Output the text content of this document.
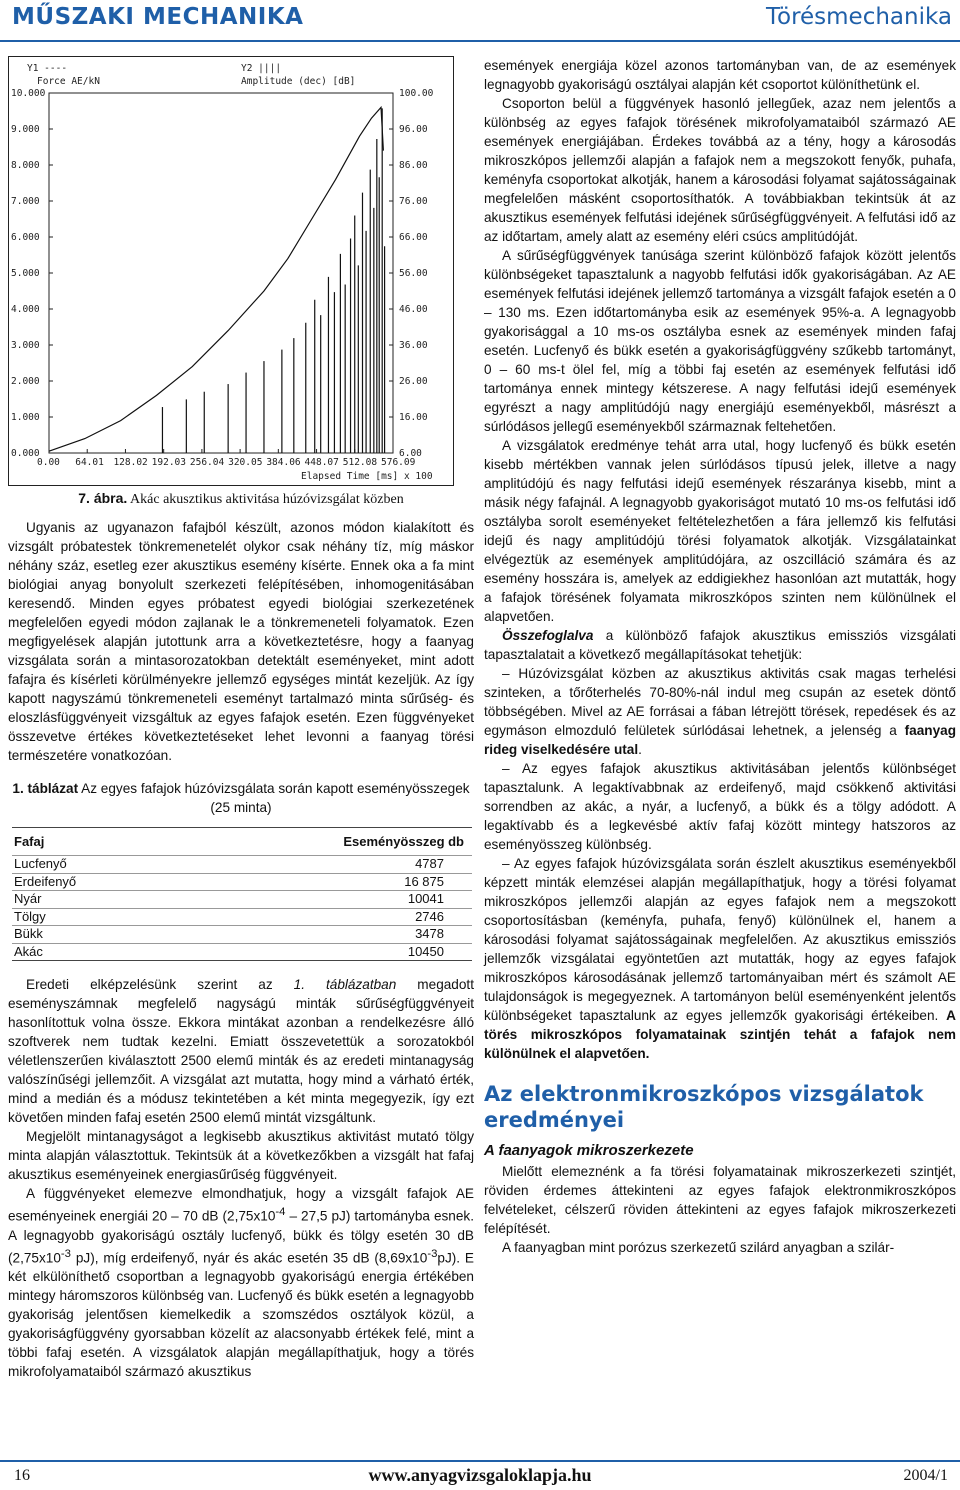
MŰSZAKI MECHANIKA	Törésmechanika
Y1 ----
Force AE/kN
Y2 ||||
Amplitude (dec) [dB]
10.000
9.000
8.000
7.000
6.000
5.000
4.000
3.000
2.000
1.000
0.000
100.00
96.00
86.00
76.00
66.00
56.00
46.00
36.00
26.00
16.00
6.00
0.00 64.01 128.02 192.03 256.04 320.05 384.06 448.07 512.08 576.09
Elapsed Time [ms] x 100
7. ábra. Akác akusztikus aktivitása húzóvizsgálat közben

Ugyanis az ugyanazon fafajból készült, azonos módon kialakított és vizsgált próbatestek tönkremenetelét olykor csak néhány tíz, míg máskor néhány száz, esetleg ezer akusztikus esemény kísérte. Ennek oka a fa mint biológiai anyag bonyolult szerkezeti felépítésében, inhomogenitásában keresendő. Minden egyes próbatest egyedi biológiai szerkezetének megfelelően egyedi módon zajlanak le a tönkremeneteli folyamatok. Ezen megfigyelések alapján jutottunk arra a következtetésre, hogy a faanyag vizsgálata során a mintasorozatokban detektált eseményeket, mint adott fafajra és kísérleti körülményekre jellemző egységes mintát kezeljük. Az így kapott nagyszámú tönkremeneteli eseményt tartalmazó minta sűrűség- és eloszlásfüggvényeit vizsgáltuk az egyes fafajok esetén. Ezen függvényeket összevetve értékes következtetéseket lehet levonni a faanyag törési természetére vonatkozóan.

1. táblázat Az egyes fafajok húzóvizsgálata során kapott eseményösszegek (25 minta)
Fafaj	Eseményösszeg db
Lucfenyő	4787
Erdeifenyő	16 875
Nyár	10041
Tölgy	2746
Bükk	3478
Akác	10450

Eredeti elképzelésünk szerint az 1. táblázatban megadott eseményszámnak megfelelő nagyságú minták sűrűségfüggvényeit hasonlítottuk volna össze. Ekkora mintákat azonban a rendelkezésre álló szoftverek nem tudtak kezelni. Emiatt összevetettük a sorozatokból véletlenszerűen kiválasztott 2500 elemű minták és az eredeti mintanagyság valószínűségi jellemzőit. A vizsgálat azt mutatta, hogy mind a várható érték, mind a medián és a módusz tekintetében a két minta megegyezik, így ezt követően minden fafaj esetén 2500 elemű mintát vizsgáltunk.

Megjelölt mintanagyságot a legkisebb akusztikus aktivitást mutató tölgy minta alapján választottuk. Tekintsük át a következőkben a vizsgált hat fafaj akusztikus eseményeinek energiasűrűség függvényeit.

A függvényeket elemezve elmondhatjuk, hogy a vizsgált fafajok AE eseményeinek energiái 20 – 70 dB ($2,75x10^{-4} - 27,5$ pJ) tartományba esnek. A legnagyobb gyakoriságú osztály lucfenyő, bükk és tölgy esetén 30 dB ($2,75x10^{-3}$ pJ), míg erdeifenyő, nyár és akác esetén 35 dB $(8,69x10^{-3}pJ)$. E két elkülöníthető csoportban a legnagyobb gyakoriságú energia értékében mintegy háromszoros különbség van. Lucfenyő és bükk esetén a legnagyobb gyakoriság jelentősen kiemelkedik a szomszédos osztályok közül, a gyakoriságfüggvény gyorsabban közelít az alacsonyabb értékek felé, mint a többi fafaj esetén. A vizsgálatok alapján megállapíthatjuk, hogy a törés mikrofolyamataiból származó akusztikus

események energiája közel azonos tartományban van, de az események legnagyobb gyakoriságú osztályai alapján két csoportot különíthetünk el.

Csoporton belül a függvények hasonló jellegűek, azaz nem jelentős a különbség az egyes fafajok törésének mikrofolyamataiból származó AE események energiájában. Érdekes továbbá az a tény, hogy a károsodás mikroszkópos jellemzői alapján a fafajok nem a megszokott fenyők, puhafa, keményfa csoportokat alkotják, hanem a károsodási folyamat sajátosságainak megfelelően másként csoportosíthatók. A továbbiakban tekintsük át az akusztikus események felfutási idejének sűrűségfüggvényeit. A felfutási idő az az időtartam, amely alatt az esemény eléri csúcs amplitúdóját.

A sűrűségfüggvények tanúsága szerint különböző fafajok között jelentős különbségeket tapasztalunk a nagyobb felfutási idők gyakoriságában. Az AE események felfutási idejének jellemző tartománya a vizsgált fafajok esetén a 0 – 130 ms. Ezen időtartományba esik az események 95%-a. A legnagyobb gyakorisággal a 10 ms-os osztályba esnek az események minden fafaj esetén. Lucfenyő és bükk esetén a gyakoriságfüggvény szűkebb tartományt, 0 – 60 ms-t ölel fel, míg a többi faj esetén az események felfutási idő tartománya ennek mintegy kétszerese. A nagy felfutási idejű események egyrészt a nagy amplitúdójú nagy energiájú eseményekből, másrészt a súrlódásos jellegű eseményekből származnak feltehetően.

A vizsgálatok eredménye tehát arra utal, hogy lucfenyő és bükk esetén kisebb mértékben vannak jelen súrlódásos típusú jelek, illetve a nagy amplitúdójú és nagy felfutási idejű események részaránya kisebb, mint a másik négy fafajnál. A legnagyobb gyakoriságot mutató 10 ms-os felfutási idő osztályba sorolt eseményeket feltételezhetően a fára jellemző kis felfutási idejű és nagy amplitúdójú törési folyamatok alkotják. Vizsgálatainkat elvégeztük az események amplitúdójára, az oszcilláció számára és az esemény hosszára is, amelyek az eddigiekhez hasonlóan azt mutatták, hogy a fafajok törésének folyamata mikroszkópos szinten nem különülnek el alapvetően.

Összefoglalva a különböző fafajok akusztikus emissziós vizsgálati tapasztalatait a következő megállapításokat tehetjük:

– Húzóvizsgálat közben az akusztikus aktivitás csak magas terhelési szinteken, a tőrőterhelés 70-80%-nál indul meg csupán az esetek döntő többségében. Mivel az AE forrásai a fában létrejött törések, repedések és az egymáson elmozduló felületek súrlódásai lehetnek, a jelenség a faanyag rideg viselkedésére utal.

– Az egyes fafajok akusztikus aktivitásában jelentős különbséget tapasztalunk. A legaktívabbnak az erdeifenyő, majd csökkenő aktivitási sorrendben az akác, a nyár, a lucfenyő, a bükk és a tölgy adódott. A legaktívabb és a legkevésbé aktív fafaj között mintegy hatszoros az eseményösszeg különbség.

– Az egyes fafajok húzóvizsgálata során észlelt akusztikus eseményekből képzett minták elemzései alapján megállapíthatjuk, hogy a törési folyamat mikroszkópos jellemzői alapján az egyes fafajok nem a megszokott csoportosításban (keményfa, puhafa, fenyő) különülnek el, hanem a károsodási folyamat sajátosságainak megfelelően. Az akusztikus emissziós jellemzők vizsgálatai egyöntetűen azt mutatták, hogy az egyes fafajok mikroszkópos károsodásának jellemző tartományaiban mért és számolt AE tulajdonságok is megegyeznek. A tartományon belül eseményenként jelentős különbségeket tapasztalunk az egyes jellemzők gyakorisági értékeiben. A törés mikroszkópos folyamatainak szintjén tehát a fafajok nem különülnek el alapvetően.

Az elektronmikroszkópos vizsgálatok eredményei
A faanyagok mikroszerkezete

Mielőtt elemeznénk a fa törési folyamatainak mikroszerkezeti szintjét, röviden érdemes áttekinteni az egyes fafajok elektronmikroszkópos felvételeket, célszerű röviden áttekinteni az egyes fafajok mikroszerkezeti felépítését.

A faanyagban mint porózus szerkezetű szilárd anyagban a szilár-

16	www.anyagvizsgaloklapja.hu	2004/1
